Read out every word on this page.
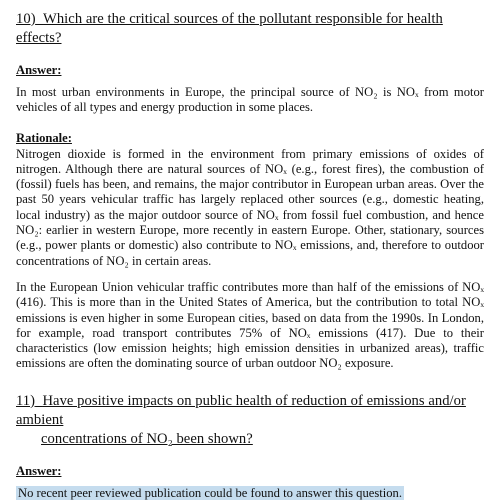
10) Which are the critical sources of the pollutant responsible for health effects?
Answer:
In most urban environments in Europe, the principal source of NO₂ is NOₓ from motor vehicles of all types and energy production in some places.
Rationale:
Nitrogen dioxide is formed in the environment from primary emissions of oxides of nitrogen. Although there are natural sources of NOₓ (e.g., forest fires), the combustion of (fossil) fuels has been, and remains, the major contributor in European urban areas. Over the past 50 years vehicular traffic has largely replaced other sources (e.g., domestic heating, local industry) as the major outdoor source of NOₓ from fossil fuel combustion, and hence NO₂: earlier in western Europe, more recently in eastern Europe. Other, stationary, sources (e.g., power plants or domestic) also contribute to NOₓ emissions, and, therefore to outdoor concentrations of NO₂ in certain areas.
In the European Union vehicular traffic contributes more than half of the emissions of NOₓ (416). This is more than in the United States of America, but the contribution to total NOₓ emissions is even higher in some European cities, based on data from the 1990s. In London, for example, road transport contributes 75% of NOₓ emissions (417). Due to their characteristics (low emission heights; high emission densities in urbanized areas), traffic emissions are often the dominating source of urban outdoor NO₂ exposure.
11) Have positive impacts on public health of reduction of emissions and/or ambient
concentrations of NO₂ been shown?
Answer:
No recent peer reviewed publication could be found to answer this question.
